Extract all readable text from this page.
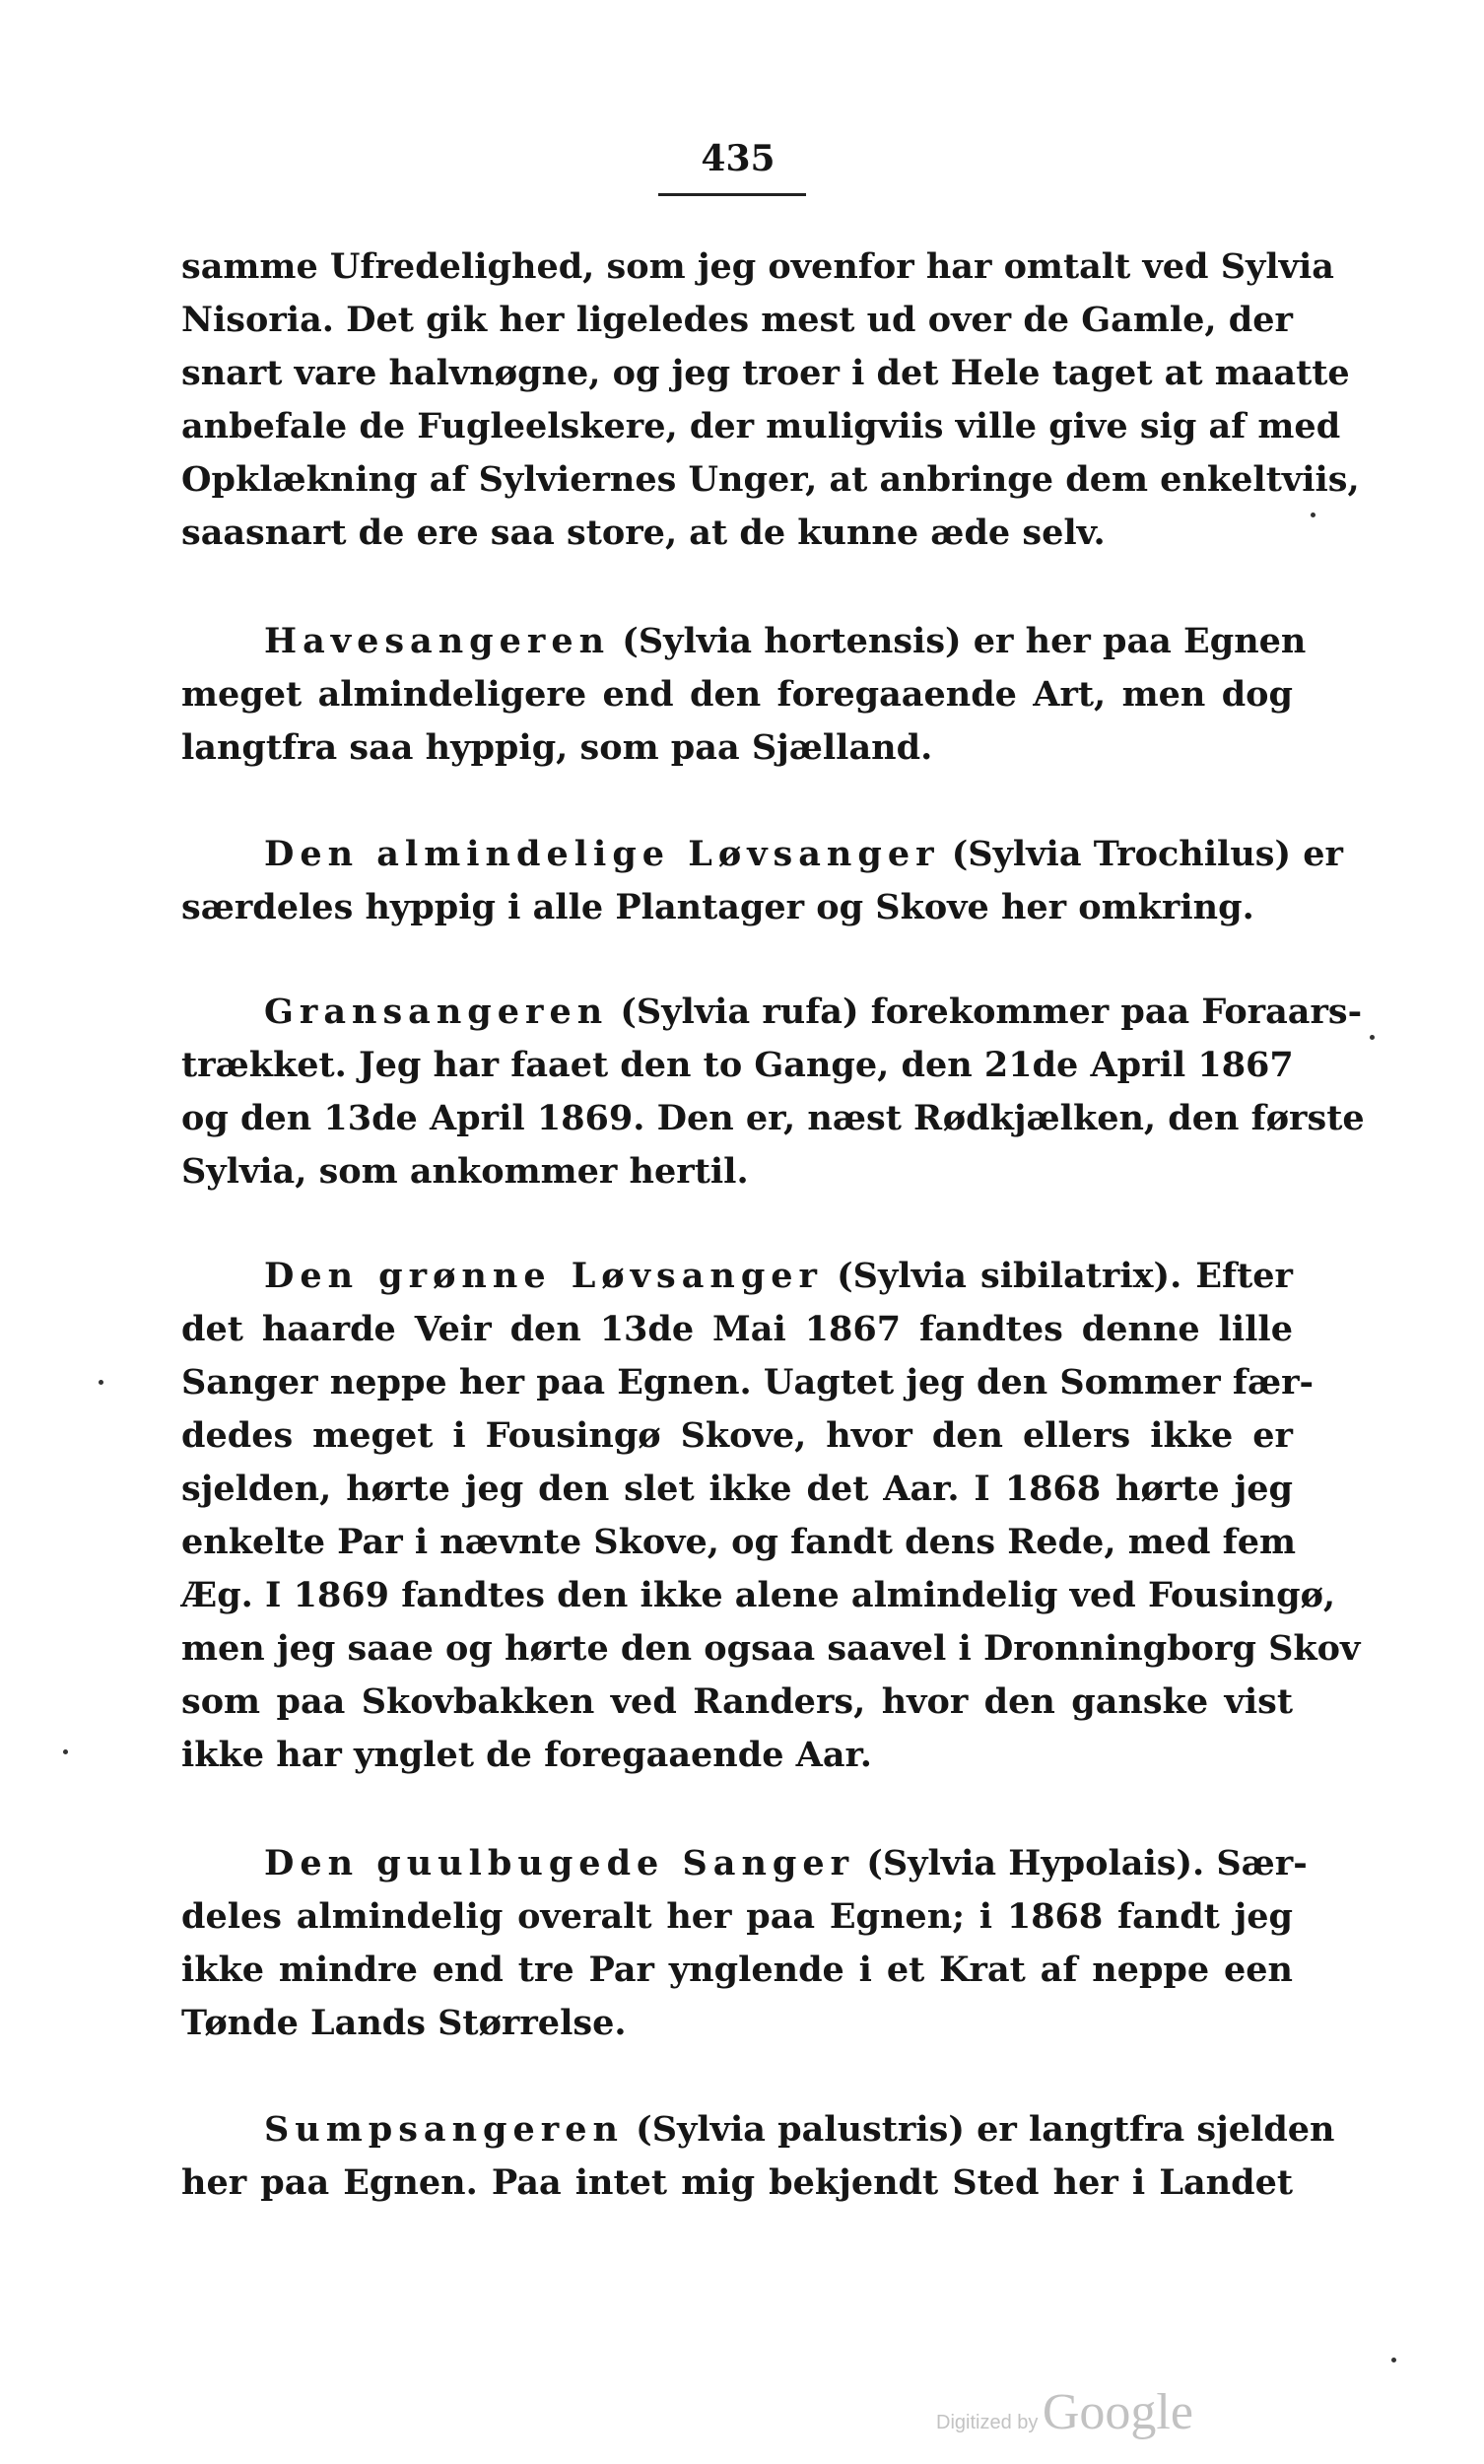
435
samme Ufredelighed, som jeg ovenfor har omtalt ved Sylvia
Nisoria. Det gik her ligeledes mest ud over de Gamle, der
snart vare halvnøgne, og jeg troer i det Hele taget at maatte
anbefale de Fugleelskere, der muligviis ville give sig af med
Opklækning af Sylviernes Unger, at anbringe dem enkeltviis,
saasnart de ere saa store, at de kunne æde selv.
Havesangeren (Sylvia hortensis) er her paa Egnen
meget almindeligere end den foregaaende Art, men dog
langtfra saa hyppig, som paa Sjælland.
Den almindelige Løvsanger (Sylvia Trochilus) er
særdeles hyppig i alle Plantager og Skove her omkring.
Gransangeren (Sylvia rufa) forekommer paa Foraars-
trækket. Jeg har faaet den to Gange, den 21de April 1867
og den 13de April 1869. Den er, næst Rødkjælken, den første
Sylvia, som ankommer hertil.
Den grønne Løvsanger (Sylvia sibilatrix). Efter
det haarde Veir den 13de Mai 1867 fandtes denne lille
Sanger neppe her paa Egnen. Uagtet jeg den Sommer fær-
dedes meget i Fousingø Skove, hvor den ellers ikke er
sjelden, hørte jeg den slet ikke det Aar. I 1868 hørte jeg
enkelte Par i nævnte Skove, og fandt dens Rede, med fem
Æg. I 1869 fandtes den ikke alene almindelig ved Fousingø,
men jeg saae og hørte den ogsaa saavel i Dronningborg Skov
som paa Skovbakken ved Randers, hvor den ganske vist
ikke har ynglet de foregaaende Aar.
Den guulbugede Sanger (Sylvia Hypolais). Sær-
deles almindelig overalt her paa Egnen; i 1868 fandt jeg
ikke mindre end tre Par ynglende i et Krat af neppe een
Tønde Lands Størrelse.
Sumpsangeren (Sylvia palustris) er langtfra sjelden
her paa Egnen. Paa intet mig bekjendt Sted her i Landet
Digitized by Google
